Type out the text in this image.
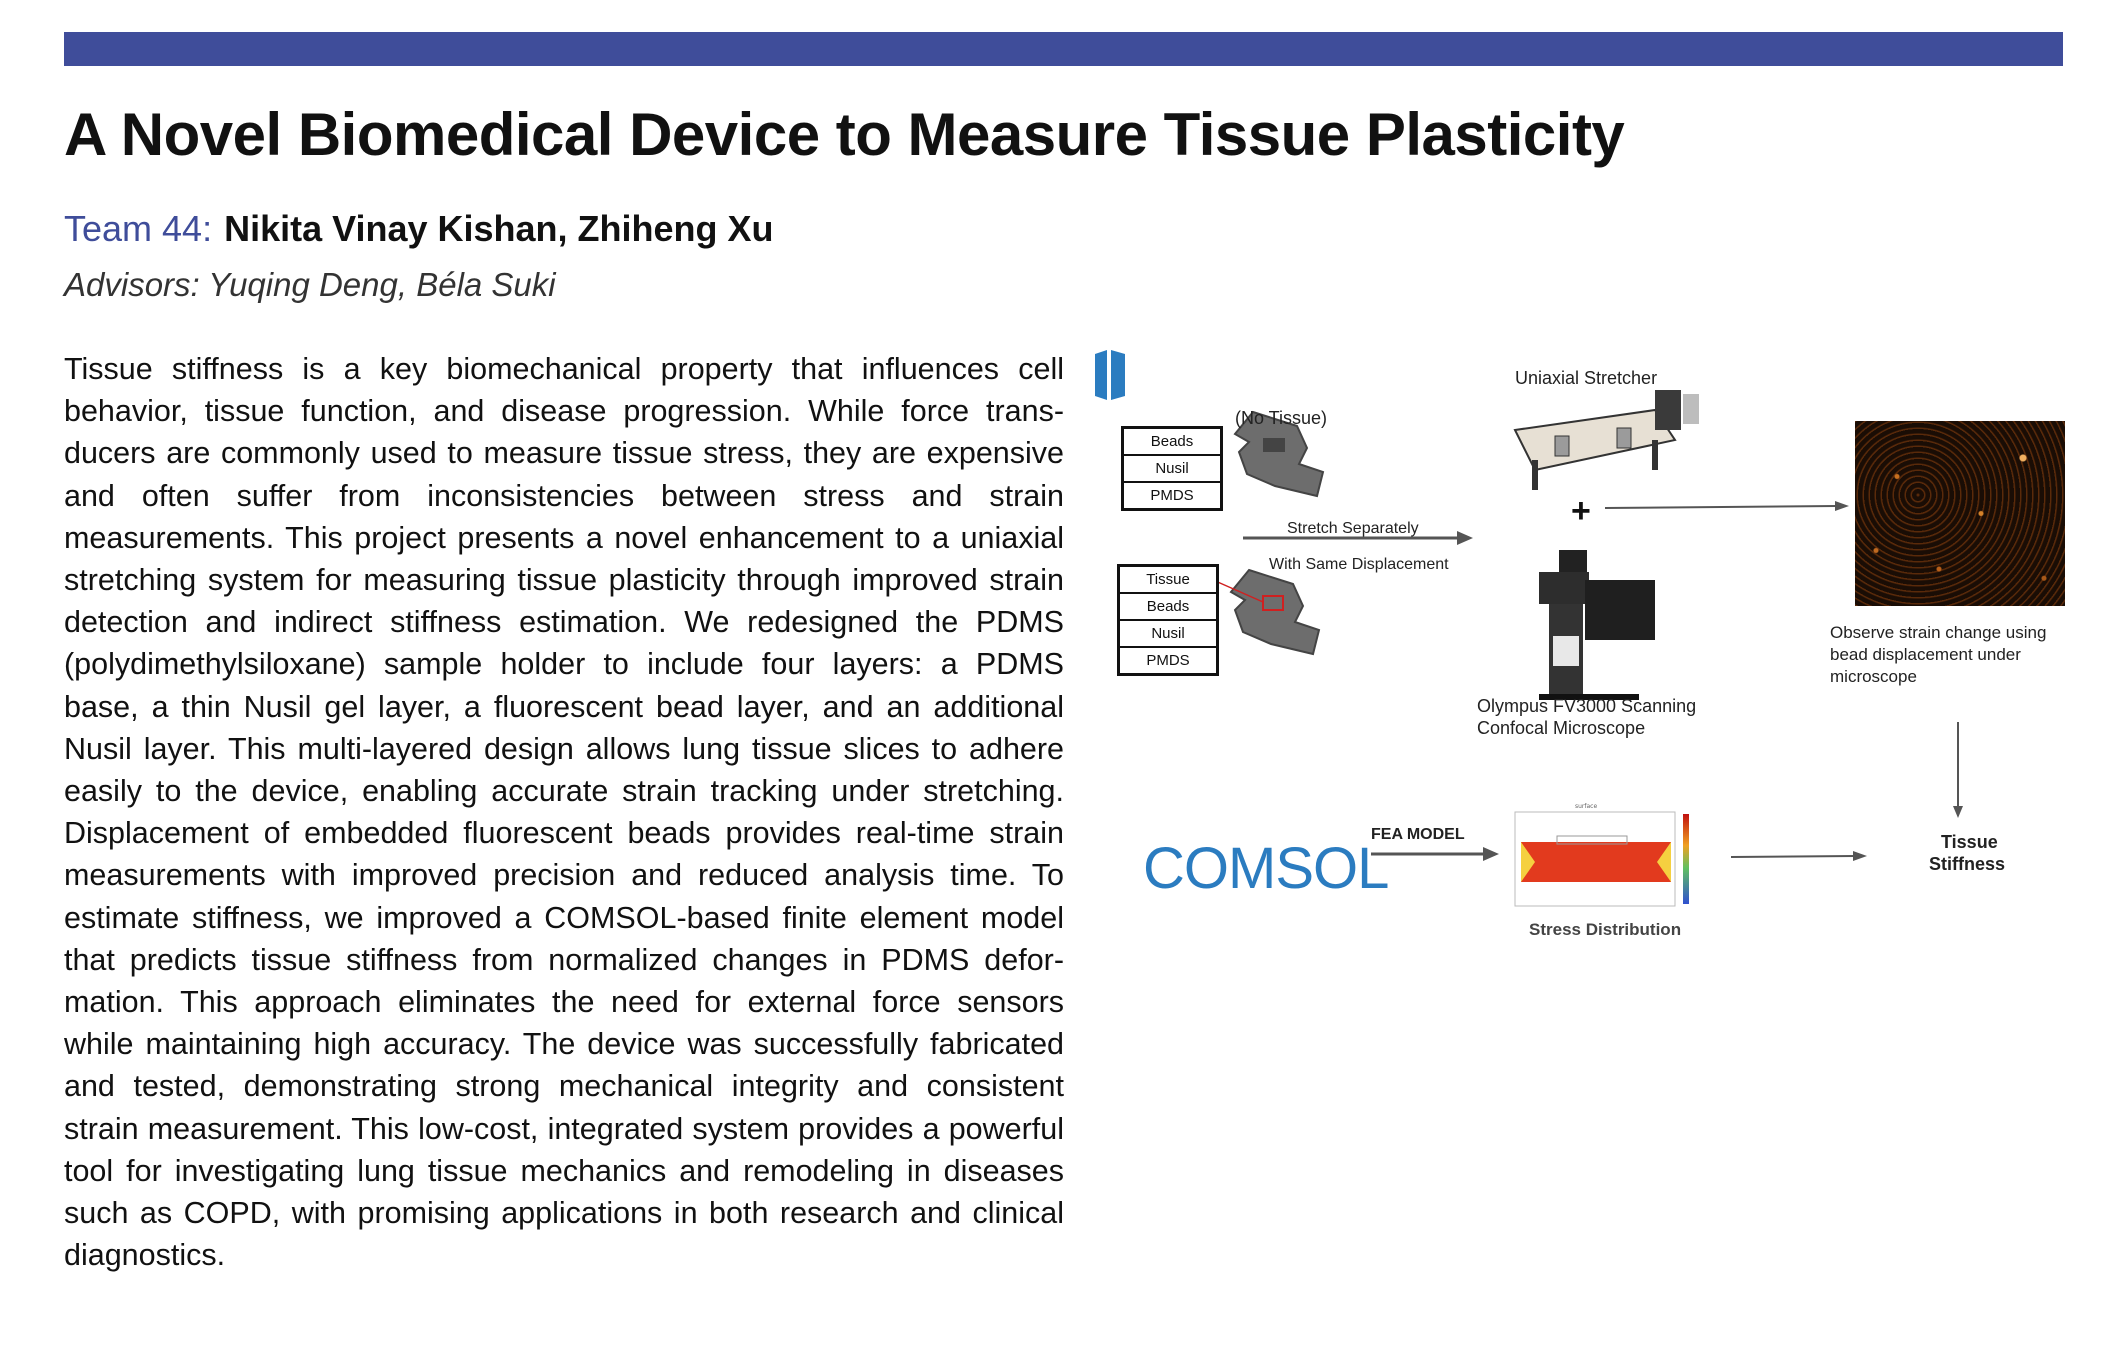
A Novel Biomedical Device to Measure Tissue Plasticity
Team 44: Nikita Vinay Kishan, Zhiheng Xu
Advisors: Yuqing Deng, Béla Suki

Tissue stiffness is a key biomechanical property that influences cell behavior, tissue function, and disease progression. While force transducers are commonly used to measure tissue stress, they are expensive and often suffer from inconsistencies between stress and strain measurements. This project presents a novel enhancement to a uniaxial stretching system for measuring tissue plasticity through improved strain detection and indirect stiffness estimation. We redesigned the PDMS (polydimethylsiloxane) sample holder to include four layers: a PDMS base, a thin Nusil gel layer, a fluorescent bead layer, and an additional Nusil layer. This multi-layered design allows lung tissue slices to adhere easily to the device, enabling accurate strain tracking under stretching. Displacement of embedded fluorescent beads provides real-time strain measurements with improved precision and reduced analysis time. To estimate stiffness, we improved a COMSOL-based finite element model that predicts tissue stiffness from normalized changes in PDMS deformation. This approach eliminates the need for external force sensors while maintaining high accuracy. The device was successfully fabricated and tested, demonstrating strong mechanical integrity and consistent strain measurement. This low-cost, integrated system provides a powerful tool for investigating lung tissue mechanics and remodeling in diseases such as COPD, with promising applications in both research and clinical diagnostics.

surface
Beads
Nusil
PMDS
Tissue
Beads
Nusil
PMDS
(No Tissue)
Stretch Separately
With Same Displacement
Uniaxial Stretcher
+
Olympus FV3000 Scanning
Confocal Microscope
Observe strain change using
bead displacement under
microscope
COMSOL
FEA MODEL
Stress Distribution
Tissue
Stiffness
